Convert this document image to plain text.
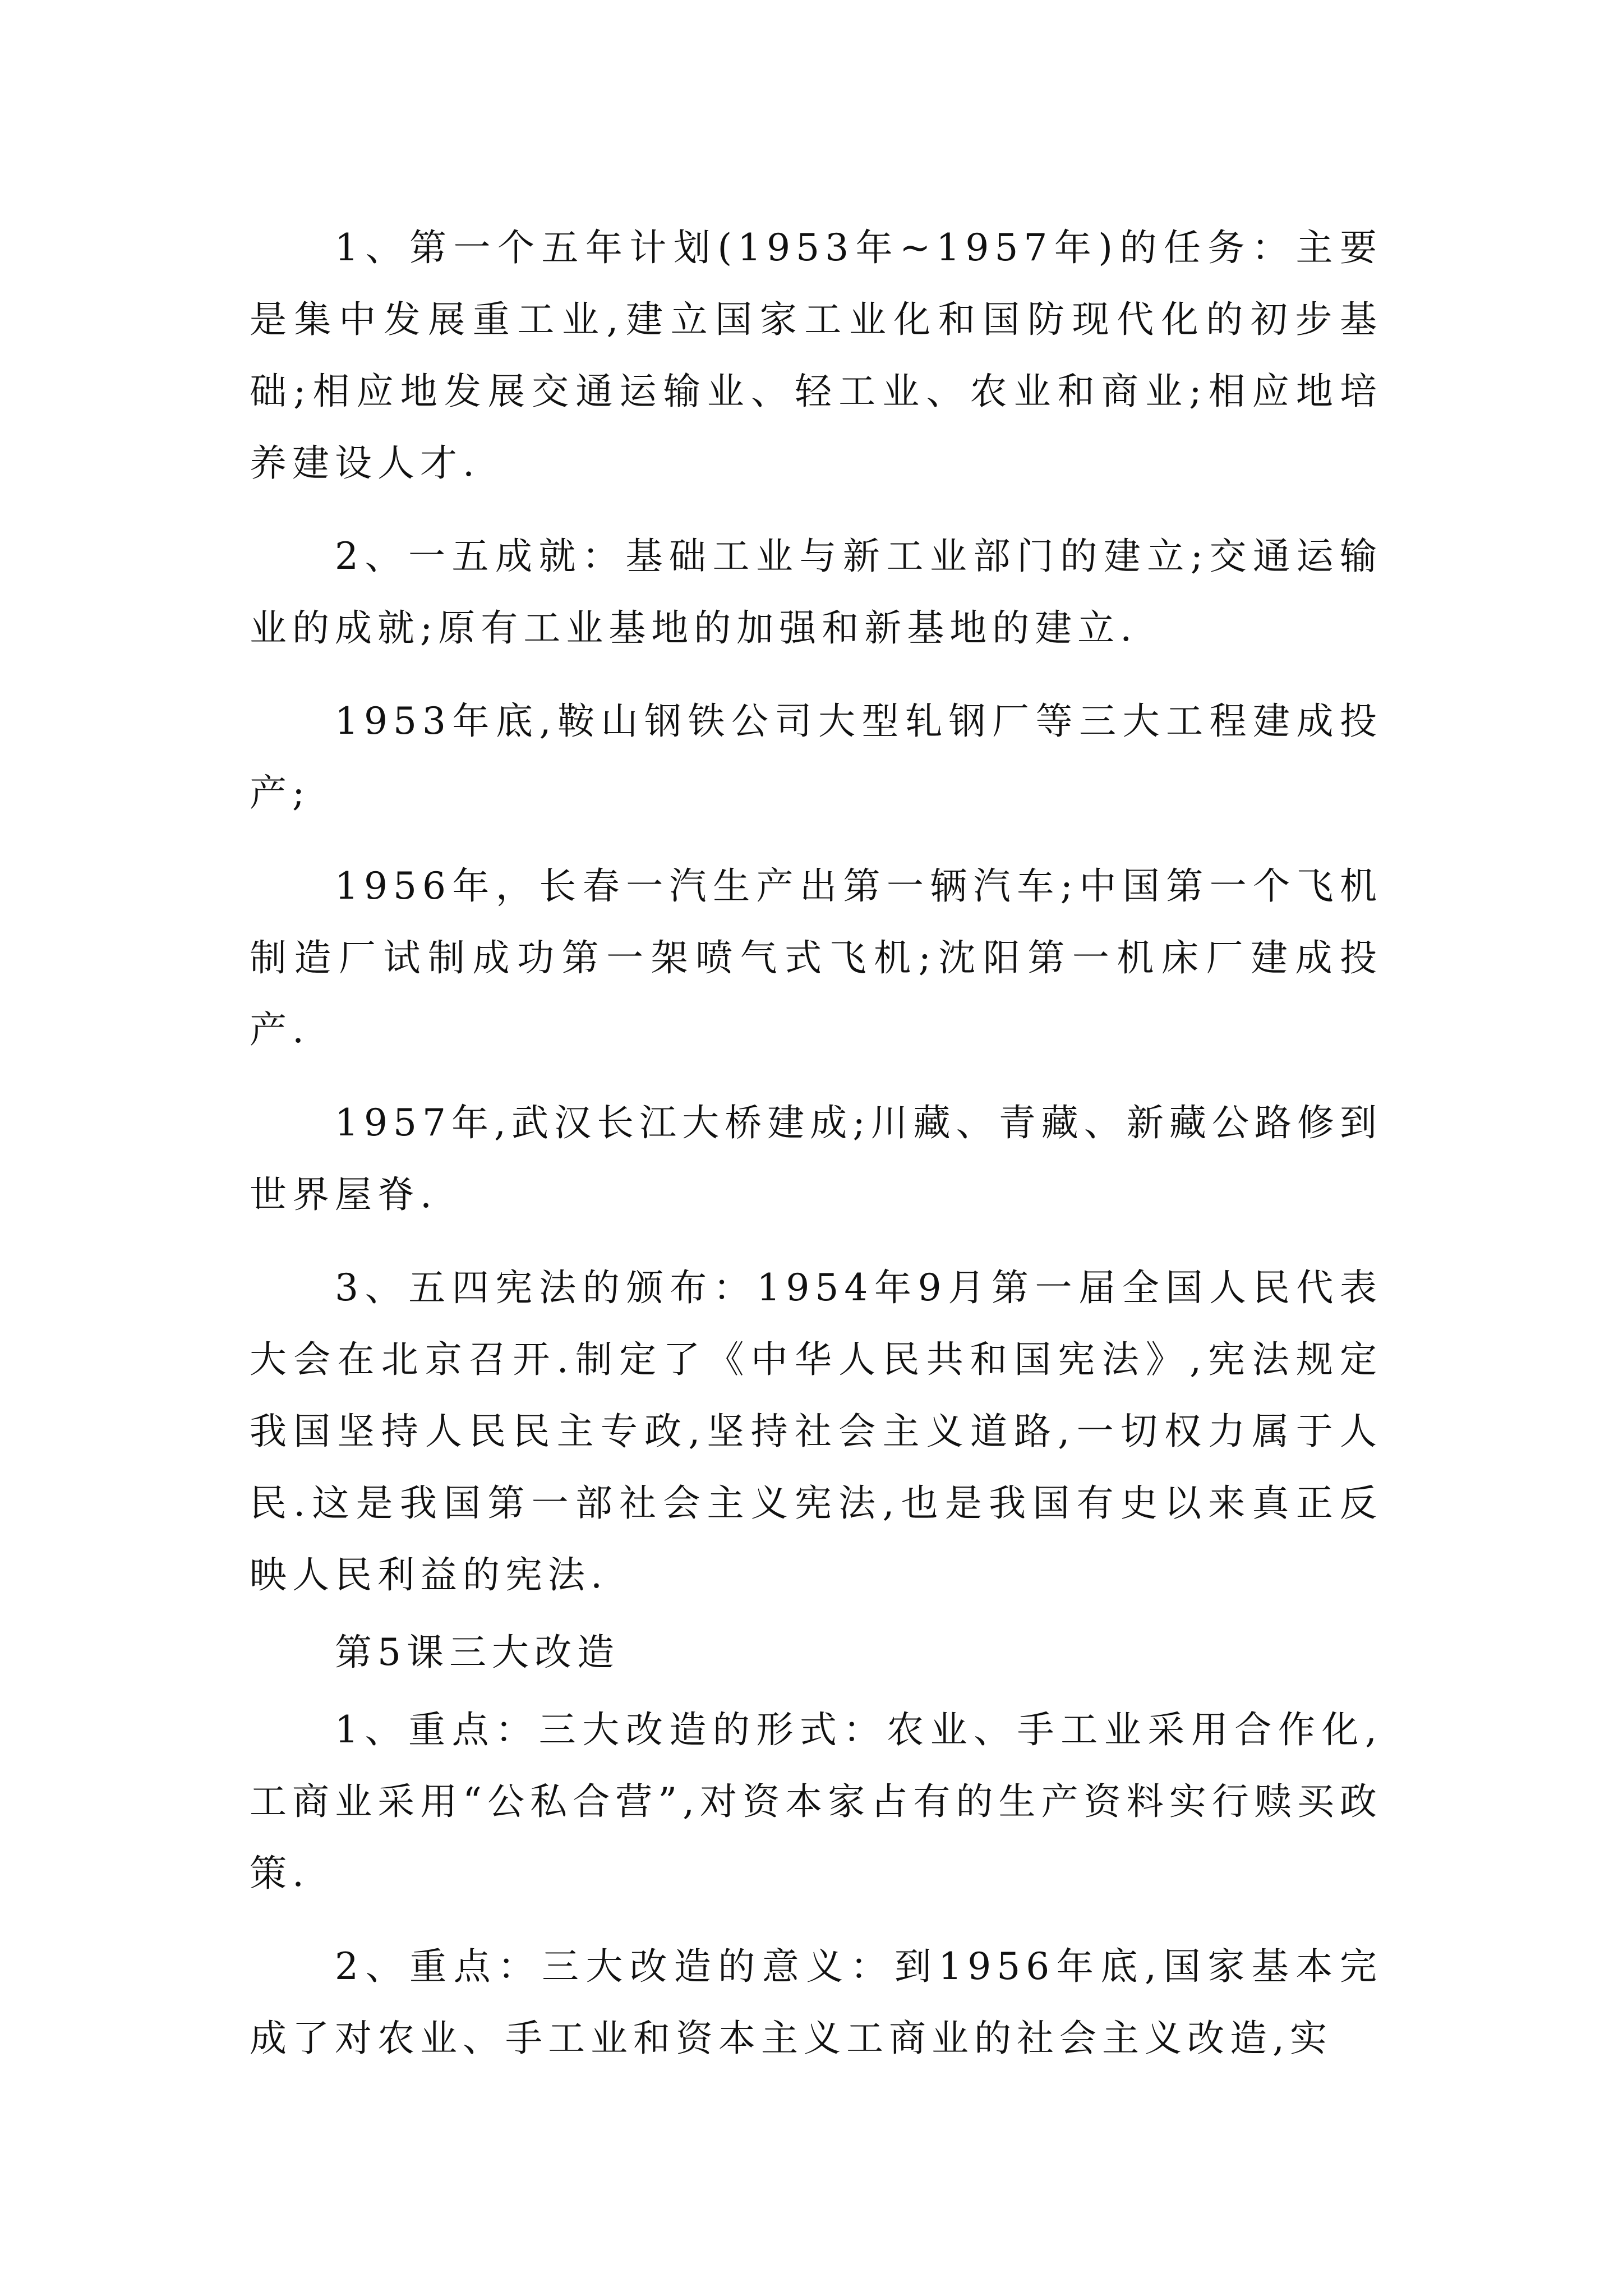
1、第一个五年计划(1953年~1957年)的任务：主要是集中发展重工业,建立国家工业化和国防现代化的初步基础;相应地发展交通运输业、轻工业、农业和商业;相应地培养建设人才.

2、一五成就：基础工业与新工业部门的建立;交通运输业的成就;原有工业基地的加强和新基地的建立.

1953年底,鞍山钢铁公司大型轧钢厂等三大工程建成投产;

1956年，长春一汽生产出第一辆汽车;中国第一个飞机制造厂试制成功第一架喷气式飞机;沈阳第一机床厂建成投产.

1957年,武汉长江大桥建成;川藏、青藏、新藏公路修到世界屋脊.

3、五四宪法的颁布：1954年9月第一届全国人民代表大会在北京召开.制定了《中华人民共和国宪法》,宪法规定我国坚持人民民主专政,坚持社会主义道路,一切权力属于人民.这是我国第一部社会主义宪法,也是我国有史以来真正反映人民利益的宪法.

第5课三大改造

1、重点：三大改造的形式：农业、手工业采用合作化,工商业采用“公私合营”,对资本家占有的生产资料实行赎买政策.

2、重点：三大改造的意义：到1956年底,国家基本完成了对农业、手工业和资本主义工商业的社会主义改造,实
